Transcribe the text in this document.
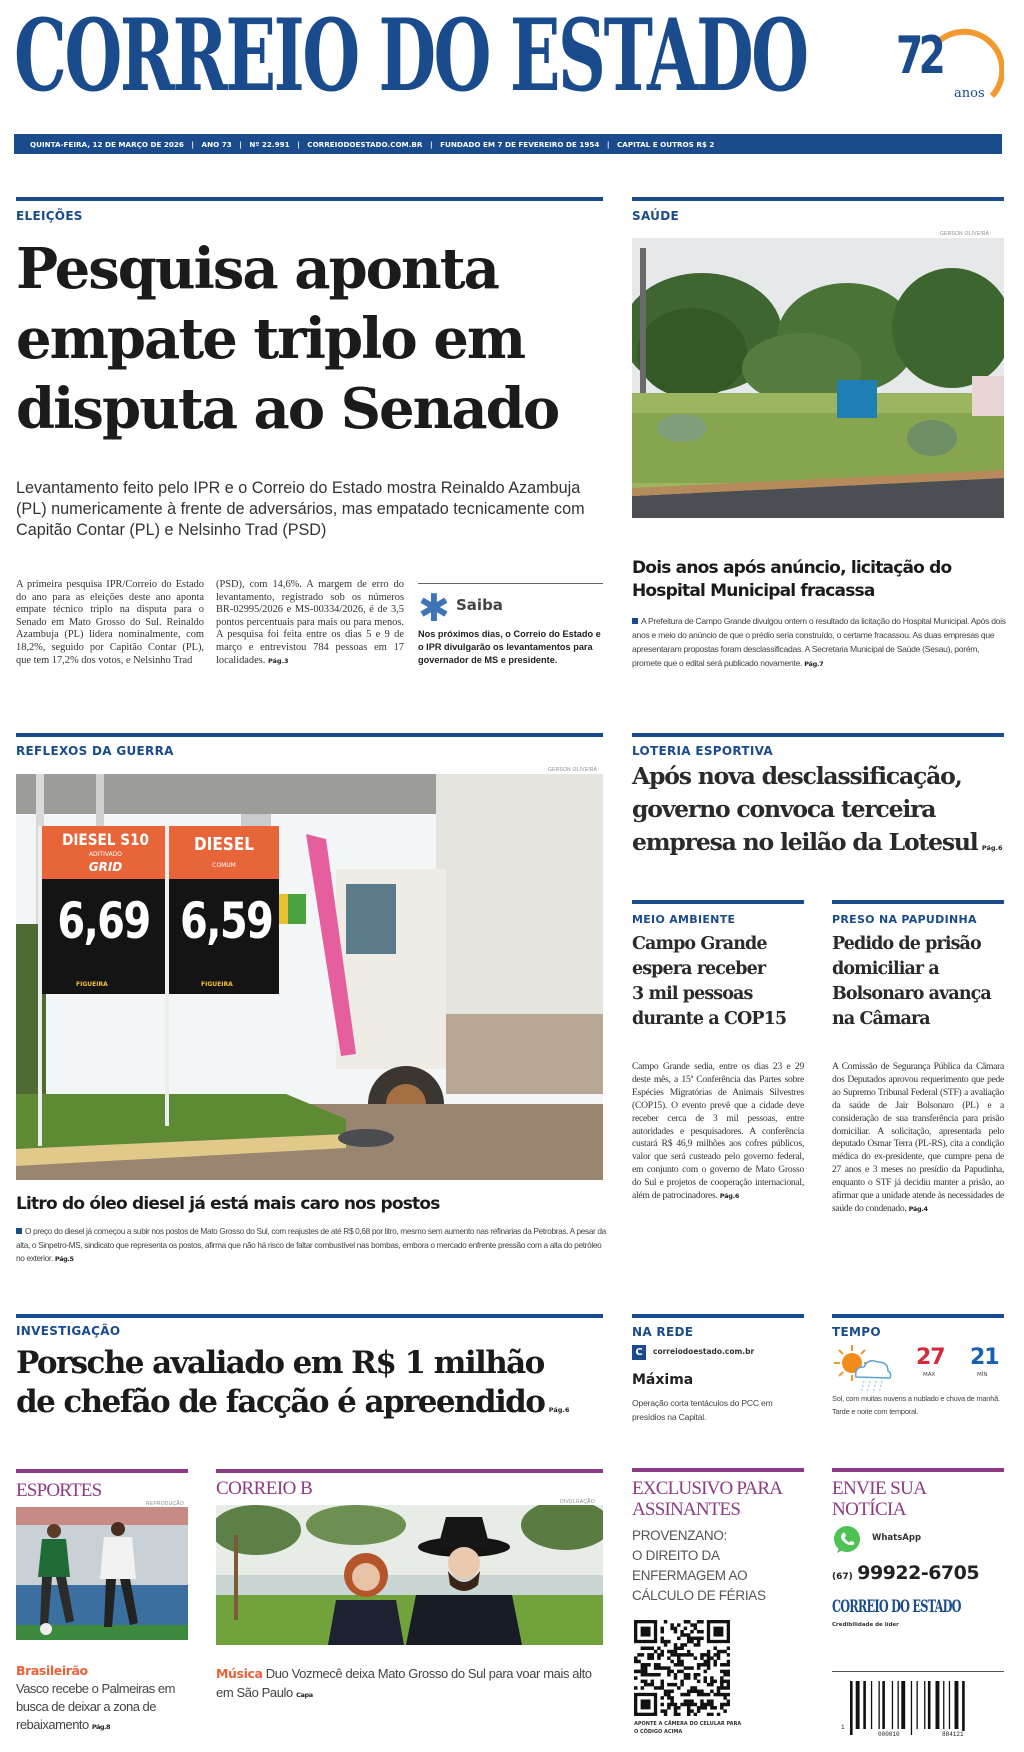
CORREIO DO ESTADO 72
anos
QUINTA-FEIRA, 12 DE MARÇO DE 2026   |   ANO 73   |   Nº 22.991   |   CORREIODOESTADO.COM.BR   |   FUNDADO EM 7 DE FEVEREIRO DE 1954   |   CAPITAL E OUTROS R$ 2
ELEIÇÕES
Pesquisa aponta
empate triplo em
disputa ao Senado
Levantamento feito pelo IPR e o Correio do Estado mostra Reinaldo Azambuja (PL) numericamente à frente de adversários, mas empatado tecnicamente com Capitão Contar (PL) e Nelsinho Trad (PSD)
A primeira pesquisa IPR/Correio do Estado do ano para as eleições deste ano aponta empate técnico triplo na disputa para o Senado em Mato Grosso do Sul. Reinaldo Azambuja (PL) lidera nominalmente, com 18,2%, seguido por Capitão Contar (PL), que tem 17,2% dos votos, e Nelsinho Trad
(PSD), com 14,6%. A margem de erro do levantamento, registrado sob os números BR-02995/2026 e MS-00334/2026, é de 3,5 pontos percentuais para mais ou para menos. A pesquisa foi feita entre os dias 5 e 9 de março e entrevistou 784 pessoas em 17 localidades. Pág.3
✱ Saiba
Nos próximos dias, o Correio do Estado e o IPR divulgarão os levantamentos para governador de MS e presidente.
SAÚDE
GERSON OLIVEIRA
Dois anos após anúncio, licitação do Hospital Municipal fracassa
A Prefeitura de Campo Grande divulgou ontem o resultado da licitação do Hospital Municipal. Após dois anos e meio do anúncio de que o prédio seria construído, o certame fracassou. As duas empresas que apresentaram propostas foram desclassificadas. A Secretaria Municipal de Saúde (Sesau), porém, promete que o edital será publicado novamente. Pág.7
REFLEXOS DA GUERRA
GERSON OLIVEIRA
DIESEL S10
ADITIVADO
GRID
DIESEL
COMUM
6,69 6,59
FIGUEIRA	FIGUEIRA
Litro do óleo diesel já está mais caro nos postos
O preço do diesel já começou a subir nos postos de Mato Grosso do Sul, com reajustes de até R$ 0,68 por litro, mesmo sem aumento nas refinarias da Petrobras. A pesar da alta, o Sinpetro-MS, sindicato que representa os postos, afirma que não há risco de faltar combustível nas bombas, embora o mercado enfrente pressão com a alta do petróleo no exterior. Pág.5
LOTERIA ESPORTIVA
Após nova desclassificação,
governo convoca terceira
empresa no leilão da Lotesul Pág.6
MEIO AMBIENTE
Campo Grande
espera receber
3 mil pessoas
durante a COP15
Campo Grande sedia, entre os dias 23 e 29 deste mês, a 15ª Conferência das Partes sobre Espécies Migratórias de Animais Silvestres (COP15). O evento prevê que a cidade deve receber cerca de 3 mil pessoas, entre autoridades e pesquisadores. A conferência custará R$ 46,9 milhões aos cofres públicos, valor que será custeado pelo governo federal, em conjunto com o governo de Mato Grosso do Sul e projetos de cooperação internacional, além de patrocinadores. Pág.6
PRESO NA PAPUDINHA
Pedido de prisão
domiciliar a
Bolsonaro avança
na Câmara
A Comissão de Segurança Pública da Câmara dos Deputados aprovou requerimento que pede ao Supremo Tribunal Federal (STF) a avaliação da saúde de Jair Bolsonaro (PL) e a consideração de sua transferência para prisão domiciliar. A solicitação, apresentada pelo deputado Osmar Terra (PL-RS), cita a condição médica do ex-presidente, que cumpre pena de 27 anos e 3 meses no presídio da Papudinha, enquanto o STF já decidiu manter a prisão, ao afirmar que a unidade atende às necessidades de saúde do condenado. Pág.4
INVESTIGAÇÃO
Porsche avaliado em R$ 1 milhão
de chefão de facção é apreendido Pág.6
NA REDE
C	correiodoestado.com.br
Máxima
Operação corta tentáculos do PCC em presídios na Capital.
TEMPO
27
MÁX
21
MÍN
Sol, com muitas nuvens a nublado e chuva de manhã. Tarde e noite com temporal.
ESPORTES
REPRODUÇÃO
Brasileirão
Vasco recebe o Palmeiras em busca de deixar a zona de rebaixamento Pág.8
CORREIO B
DIVULGAÇÃO
Música Duo Vozmecê deixa Mato Grosso do Sul para voar mais alto em São Paulo Capa
EXCLUSIVO PARA
ASSINANTES
PROVENZANO:
O DIREITO DA
ENFERMAGEM AO
CÁLCULO DE FÉRIAS
APONTE A CÂMERA DO CELULAR PARA O CÓDIGO ACIMA
ENVIE SUA
NOTÍCIA
WhatsApp
(67) 99922-6705
CORREIO DO ESTADO
Credibilidade de líder
1
000010	884121
